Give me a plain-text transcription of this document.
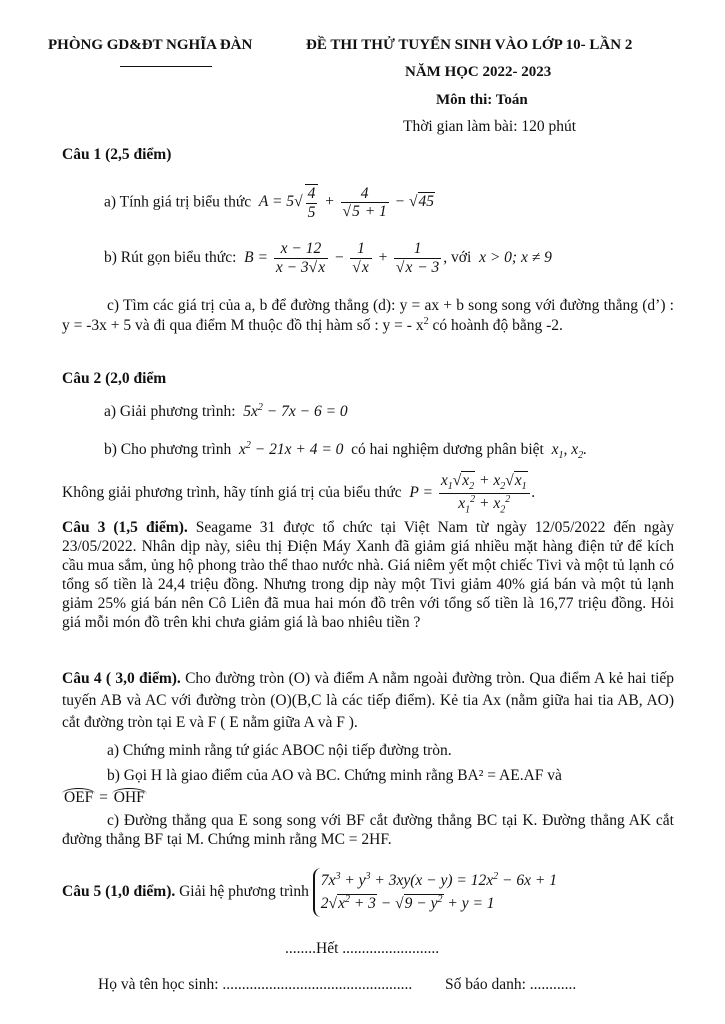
PHÒNG GD&ĐT NGHĨA ĐÀN	ĐỀ THI THỬ TUYỂN SINH VÀO LỚP 10- LẦN 2
NĂM HỌC 2022- 2023
Môn thi: Toán
Thời gian làm bài: 120 phút
Câu 1 (2,5 điểm)
a) Tính giá trị biểu thức  $A = 5√ \frac{4}{5} + 4$
√ 5 + 1 − √ 45
b) Rút gọn biểu thức:  $B = \frac{x - 12}{x - 3√ x} - 1$
√ x + 1
√ x − 3 , với  x > 0; x ≠ 9
c) Tìm các giá trị của a, b để đường thẳng (d): y = ax + b song song với đường thẳng (d’) : y = -3x + 5 và đi qua điểm M thuộc đồ thị hàm số : y = - $x^2$ có hoành độ bằng -2.
Câu 2 (2,0 điểm
a) Giải phương trình:  $5x^2 - 7x - 6 = 0$
b) Cho phương trình  $x^2 - 21x + 4 = 0$  có hai nghiệm dương phân biệt  $x_1$, $x_2$.
Không giải phương trình, hãy tính giá trị của biểu thức  $P = \frac{x_1√ x_2 + x_2√ x_1}{x_1^2 + x_2^2}$ .
Câu 3 (1,5 điểm). Seagame 31 được tổ chức tại Việt Nam từ ngày 12/05/2022 đến ngày 23/05/2022. Nhân dịp này, siêu thị Điện Máy Xanh đã giảm giá nhiều mặt hàng điện tử để kích cầu mua sắm, ủng hộ phong trào thể thao nước nhà. Giá niêm yết một chiếc Tivi và một tủ lạnh có tổng số tiền là 24,4 triệu đồng. Nhưng trong dịp này một Tivi giảm 40% giá bán và một tủ lạnh giảm 25% giá bán nên Cô Liên đã mua hai món đồ trên với tổng số tiền là 16,77 triệu đồng. Hỏi giá mỗi món đồ trên khi chưa giảm giá là bao nhiêu tiền ?
Câu 4 ( 3,0 điểm). Cho đường tròn (O) và điểm A nằm ngoài đường tròn. Qua điểm A kẻ hai tiếp tuyến AB và AC với đường tròn (O)(B,C là các tiếp điểm). Kẻ tia Ax (nằm giữa hai tia AB, AO) cắt đường tròn tại E và F ( E nằm giữa A và F ).
a) Chứng minh rằng tứ giác ABOC nội tiếp đường tròn.
b) Gọi H là giao điểm của AO và BC. Chứng minh rằng BA² = AE.AF và
OEF = OHF
c) Đường thẳng qua E song song với BF cắt đường thẳng BC tại K. Đường thẳng AK cắt đường thẳng BF tại M. Chứng minh rằng MC = 2HF.
Câu 5 (1,0 điểm). Giải hệ phương trình
$7x^3 + y^3 + 3xy(x - y) = 12x^2 - 6x + 1$
2√ $x^2 + 3$ − √ $9 - y^2 + y = 1$
........Hết .........................
Họ và tên học sinh: ................................................. Số báo danh: ............
